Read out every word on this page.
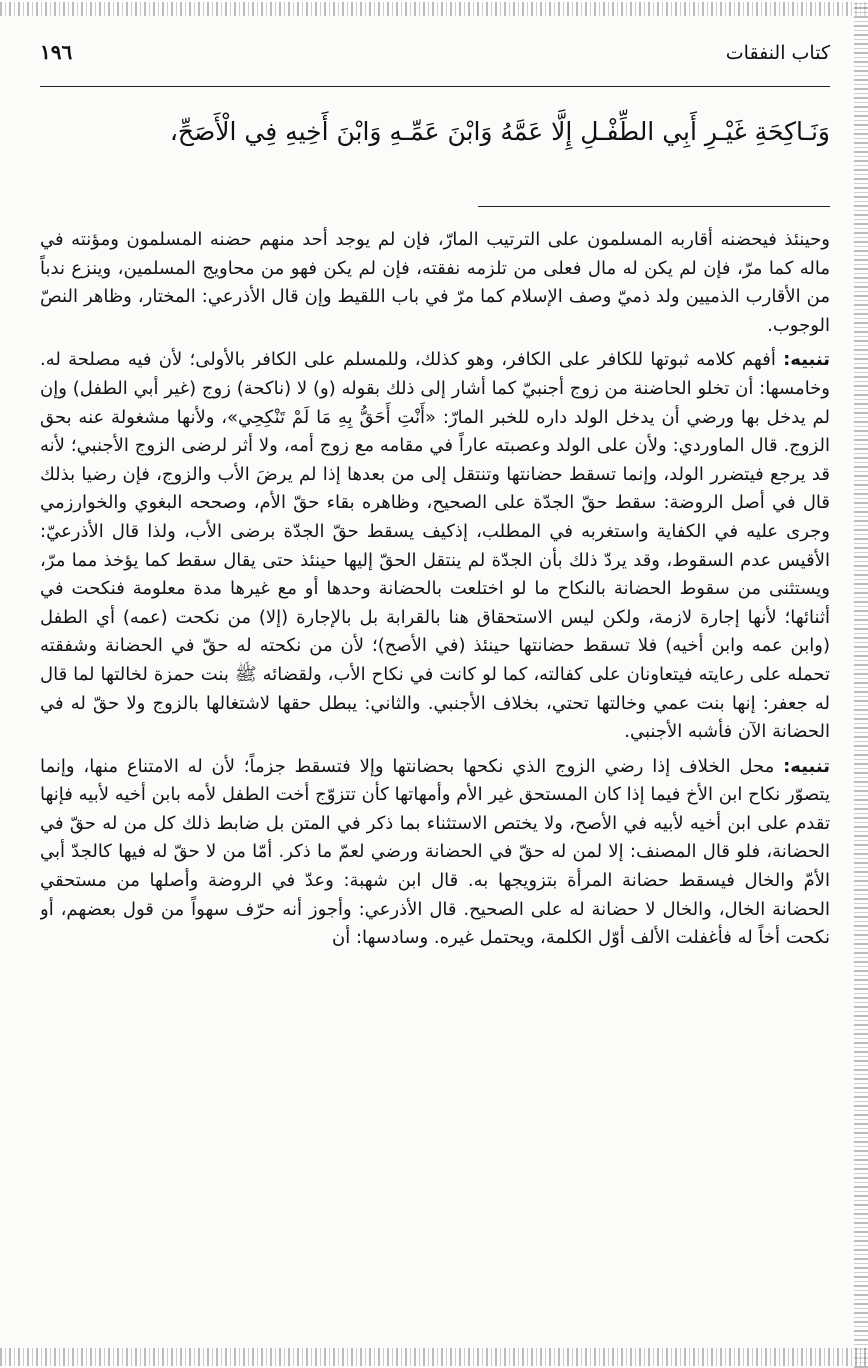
كتاب النفقات
١٩٦
وَنَـاكِحَةِ غَيْـرِ أَبِي الطِّفْـلِ إِلَّا عَمَّهُ وَابْنَ عَمِّـهِ وَابْنَ أَخِيهِ فِي الْأَصَحِّ،

وحينئذ فيحضنه أقاربه المسلمون على الترتيب المارّ، فإن لم يوجد أحد منهم حضنه المسلمون ومؤنته في ماله كما مرّ، فإن لم يكن له مال فعلى من تلزمه نفقته، فإن لم يكن فهو من محاويج المسلمين، وينزع ندباً من الأقارب الذميين ولد ذميّ وصف الإسلام كما مرّ في باب اللقيط وإن قال الأذرعي: المختار، وظاهر النصّ الوجوب.

تنبيه: أفهم كلامه ثبوتها للكافر على الكافر، وهو كذلك، وللمسلم على الكافر بالأولى؛ لأن فيه مصلحة له. وخامسها: أن تخلو الحاضنة من زوج أجنبيّ كما أشار إلى ذلك بقوله (و) لا (ناكحة) زوج (غير أبي الطفل) وإن لم يدخل بها ورضي أن يدخل الولد داره للخبر المارّ: «أَنْتِ أَحَقُّ بِهِ مَا لَمْ تَنْكِحِي»، ولأنها مشغولة عنه بحق الزوج. قال الماوردي: ولأن على الولد وعصبته عاراً في مقامه مع زوج أمه، ولا أثر لرضى الزوج الأجنبي؛ لأنه قد يرجع فيتضرر الولد، وإنما تسقط حضانتها وتنتقل إلى من بعدها إذا لم يرضَ الأب والزوج، فإن رضيا بذلك قال في أصل الروضة: سقط حقّ الجدّة على الصحيح، وظاهره بقاء حقّ الأم، وصححه البغوي والخوارزمي وجرى عليه في الكفاية واستغربه في المطلب، إذكيف يسقط حقّ الجدّة برضى الأب، ولذا قال الأذرعيّ: الأقيس عدم السقوط، وقد يردّ ذلك بأن الجدّة لم ينتقل الحقّ إليها حينئذ حتى يقال سقط كما يؤخذ مما مرّ، ويستثنى من سقوط الحضانة بالنكاح ما لو اختلعت بالحضانة وحدها أو مع غيرها مدة معلومة فنكحت في أثنائها؛ لأنها إجارة لازمة، ولكن ليس الاستحقاق هنا بالقرابة بل بالإجارة (إلا) من نكحت (عمه) أي الطفل (وابن عمه وابن أخيه) فلا تسقط حضانتها حينئذ (في الأصح)؛ لأن من نكحته له حقّ في الحضانة وشفقته تحمله على رعايته فيتعاونان على كفالته، كما لو كانت في نكاح الأب، ولقضائه ﷺ بنت حمزة لخالتها لما قال له جعفر: إنها بنت عمي وخالتها تحتي، بخلاف الأجنبي. والثاني: يبطل حقها لاشتغالها بالزوج ولا حقّ له في الحضانة الآن فأشبه الأجنبي.

تنبيه: محل الخلاف إذا رضي الزوج الذي نكحها بحضانتها وإلا فتسقط جزماً؛ لأن له الامتناع منها، وإنما يتصوّر نكاح ابن الأخ فيما إذا كان المستحق غير الأم وأمهاتها كأن تتزوّج أخت الطفل لأمه بابن أخيه لأبيه فإنها تقدم على ابن أخيه لأبيه في الأصح، ولا يختص الاستثناء بما ذكر في المتن بل ضابط ذلك كل من له حقّ في الحضانة، فلو قال المصنف: إلا لمن له حقّ في الحضانة ورضي لعمّ ما ذكر. أمّا من لا حقّ له فيها كالجدّ أبي الأمّ والخال فيسقط حضانة المرأة بتزويجها به. قال ابن شهبة: وعدّ في الروضة وأصلها من مستحقي الحضانة الخال، والخال لا حضانة له على الصحيح. قال الأذرعي: وأجوز أنه حرّف سهواً من قول بعضهم، أو نكحت أخاً له فأغفلت الألف أوّل الكلمة، ويحتمل غيره. وسادسها: أن
